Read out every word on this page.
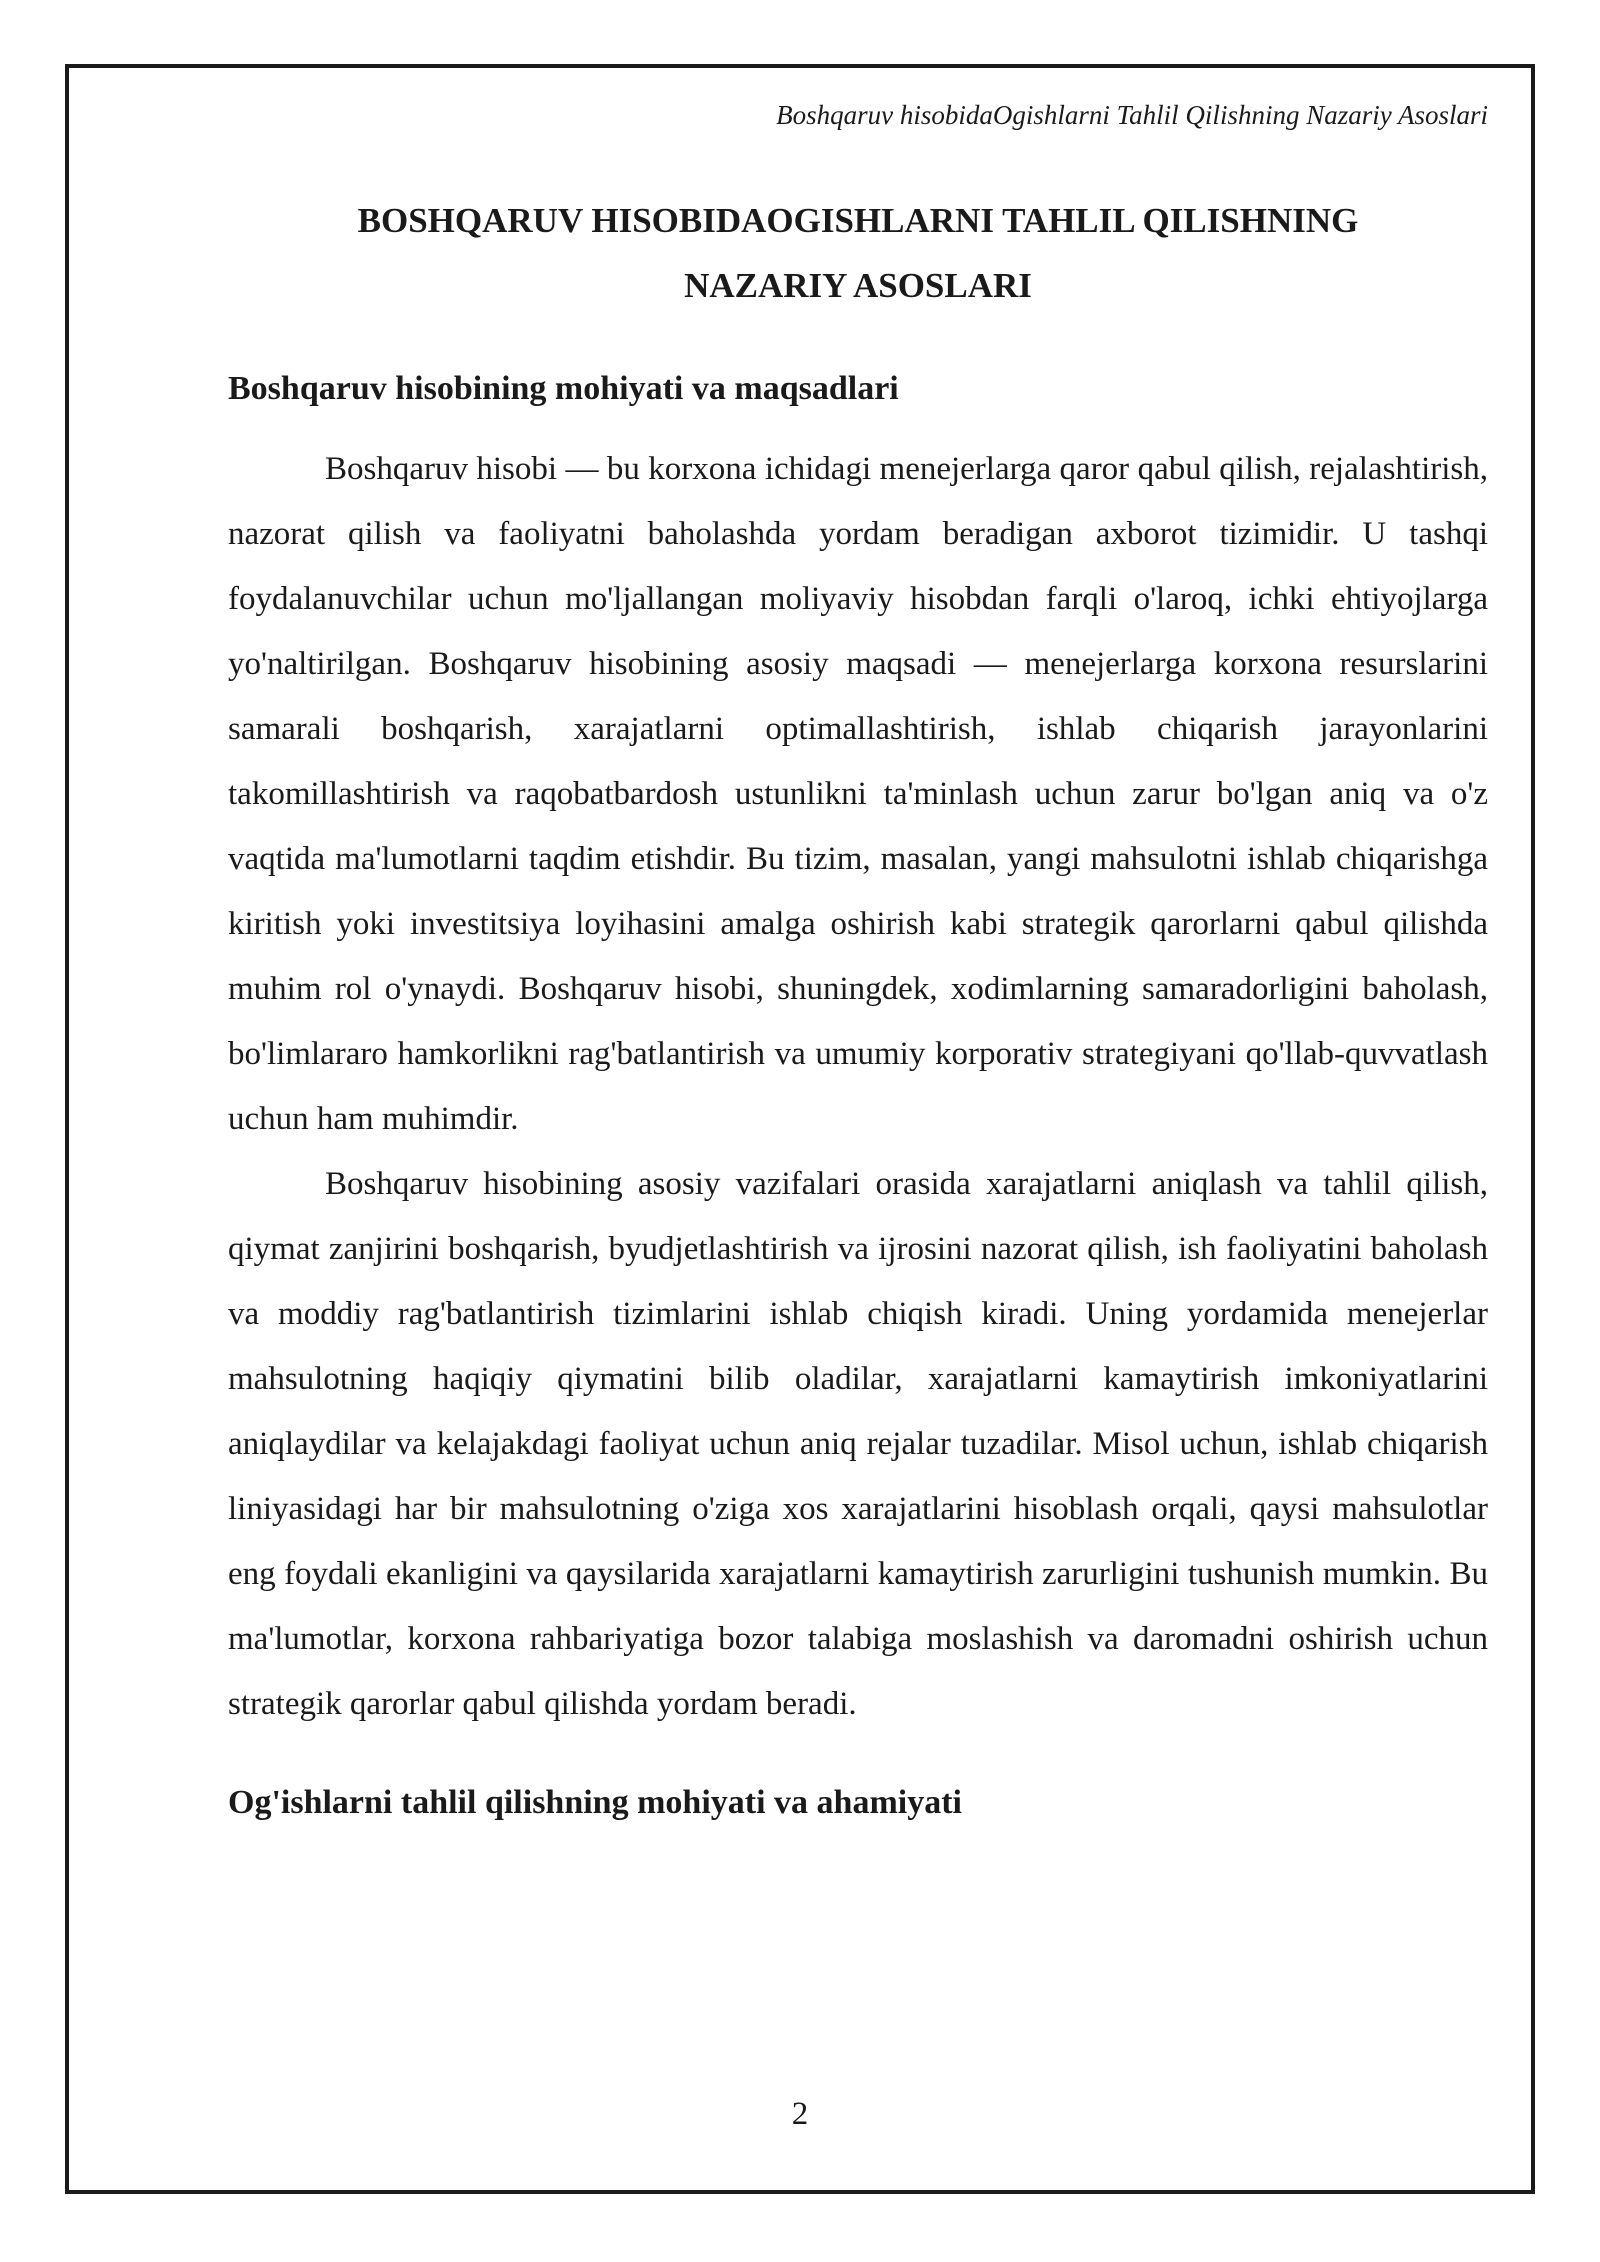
Boshqaruv hisobidaOgishlarni Tahlil Qilishning Nazariy Asoslari
BOSHQARUV HISOBIDAOGISHLARNI TAHLIL QILISHNING
NAZARIY ASOSLARI
Boshqaruv hisobining mohiyati va maqsadlari

Boshqaruv hisobi — bu korxona ichidagi menejerlarga qaror qabul qilish, rejalashtirish, nazorat qilish va faoliyatni baholashda yordam beradigan axborot tizimidir. U tashqi foydalanuvchilar uchun mo'ljallangan moliyaviy hisobdan farqli o'laroq, ichki ehtiyojlarga yo'naltirilgan. Boshqaruv hisobining asosiy maqsadi — menejerlarga korxona resurslarini samarali boshqarish, xarajatlarni optimallashtirish, ishlab chiqarish jarayonlarini takomillashtirish va raqobatbardosh ustunlikni ta'minlash uchun zarur bo'lgan aniq va o'z vaqtida ma'lumotlarni taqdim etishdir. Bu tizim, masalan, yangi mahsulotni ishlab chiqarishga kiritish yoki investitsiya loyihasini amalga oshirish kabi strategik qarorlarni qabul qilishda muhim rol o'ynaydi. Boshqaruv hisobi, shuningdek, xodimlarning samaradorligini baholash, bo'limlararo hamkorlikni rag'batlantirish va umumiy korporativ strategiyani qo'llab-quvvatlash uchun ham muhimdir.

Boshqaruv hisobining asosiy vazifalari orasida xarajatlarni aniqlash va tahlil qilish, qiymat zanjirini boshqarish, byudjetlashtirish va ijrosini nazorat qilish, ish faoliyatini baholash va moddiy rag'batlantirish tizimlarini ishlab chiqish kiradi. Uning yordamida menejerlar mahsulotning haqiqiy qiymatini bilib oladilar, xarajatlarni kamaytirish imkoniyatlarini aniqlaydilar va kelajakdagi faoliyat uchun aniq rejalar tuzadilar. Misol uchun, ishlab chiqarish liniyasidagi har bir mahsulotning o'ziga xos xarajatlarini hisoblash orqali, qaysi mahsulotlar eng foydali ekanligini va qaysilarida xarajatlarni kamaytirish zarurligini tushunish mumkin. Bu ma'lumotlar, korxona rahbariyatiga bozor talabiga moslashish va daromadni oshirish uchun strategik qarorlar qabul qilishda yordam beradi.

Og'ishlarni tahlil qilishning mohiyati va ahamiyati
2
